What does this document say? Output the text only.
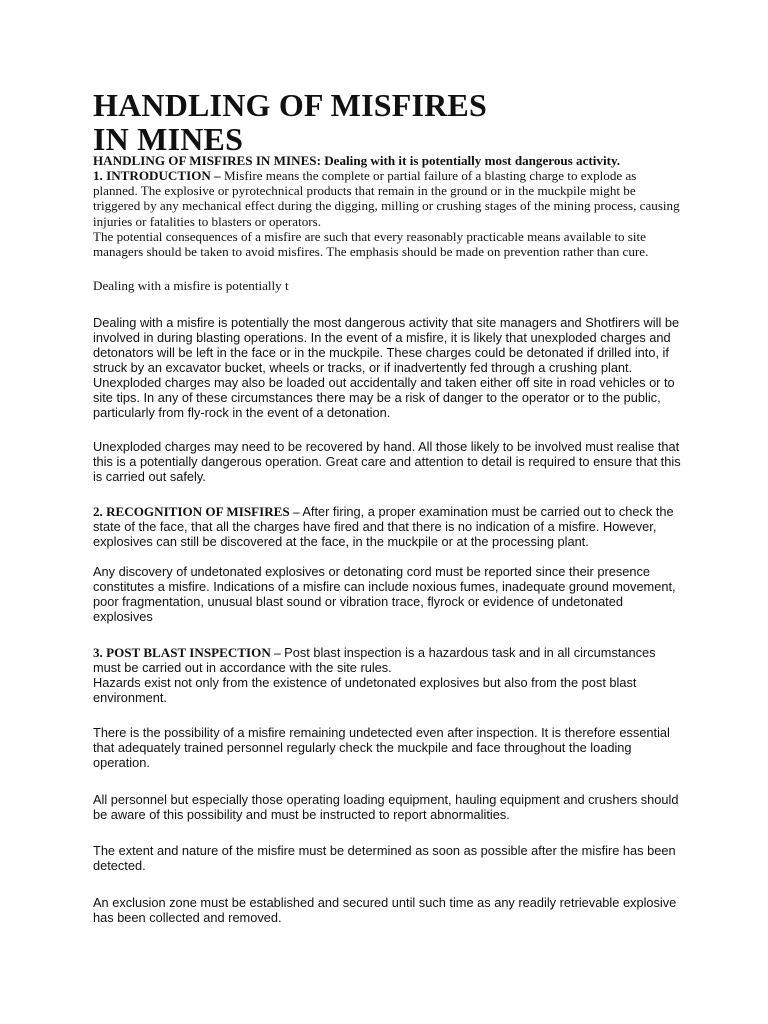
HANDLING OF MISFIRES
IN MINES

HANDLING OF MISFIRES IN MINES: Dealing with it is potentially most dangerous activity.

1. INTRODUCTION – Misfire means the complete or partial failure of a blasting charge to explode as planned. The explosive or pyrotechnical products that remain in the ground or in the muckpile might be triggered by any mechanical effect during the digging, milling or crushing stages of the mining process, causing injuries or fatalities to blasters or operators.

The potential consequences of a misfire are such that every reasonably practicable means available to site managers should be taken to avoid misfires. The emphasis should be made on prevention rather than cure.

Dealing with a misfire is potentially t

Dealing with a misfire is potentially the most dangerous activity that site managers and Shotfirers will be involved in during blasting operations. In the event of a misfire, it is likely that unexploded charges and detonators will be left in the face or in the muckpile. These charges could be detonated if drilled into, if struck by an excavator bucket, wheels or tracks, or if inadvertently fed through a crushing plant. Unexploded charges may also be loaded out accidentally and taken either off site in road vehicles or to site tips. In any of these circumstances there may be a risk of danger to the operator or to the public, particularly from fly-rock in the event of a detonation.

Unexploded charges may need to be recovered by hand. All those likely to be involved must realise that this is a potentially dangerous operation. Great care and attention to detail is required to ensure that this is carried out safely.

2. RECOGNITION OF MISFIRES – After firing, a proper examination must be carried out to check the state of the face, that all the charges have fired and that there is no indication of a misfire. However, explosives can still be discovered at the face, in the muckpile or at the processing plant.

Any discovery of undetonated explosives or detonating cord must be reported since their presence constitutes a misfire. Indications of a misfire can include noxious fumes, inadequate ground movement, poor fragmentation, unusual blast sound or vibration trace, flyrock or evidence of undetonated explosives

3. POST BLAST INSPECTION – Post blast inspection is a hazardous task and in all circumstances must be carried out in accordance with the site rules.

Hazards exist not only from the existence of undetonated explosives but also from the post blast environment.

There is the possibility of a misfire remaining undetected even after inspection. It is therefore essential that adequately trained personnel regularly check the muckpile and face throughout the loading operation.

All personnel but especially those operating loading equipment, hauling equipment and crushers should be aware of this possibility and must be instructed to report abnormalities.

The extent and nature of the misfire must be determined as soon as possible after the misfire has been detected.

An exclusion zone must be established and secured until such time as any readily retrievable explosive has been collected and removed.
